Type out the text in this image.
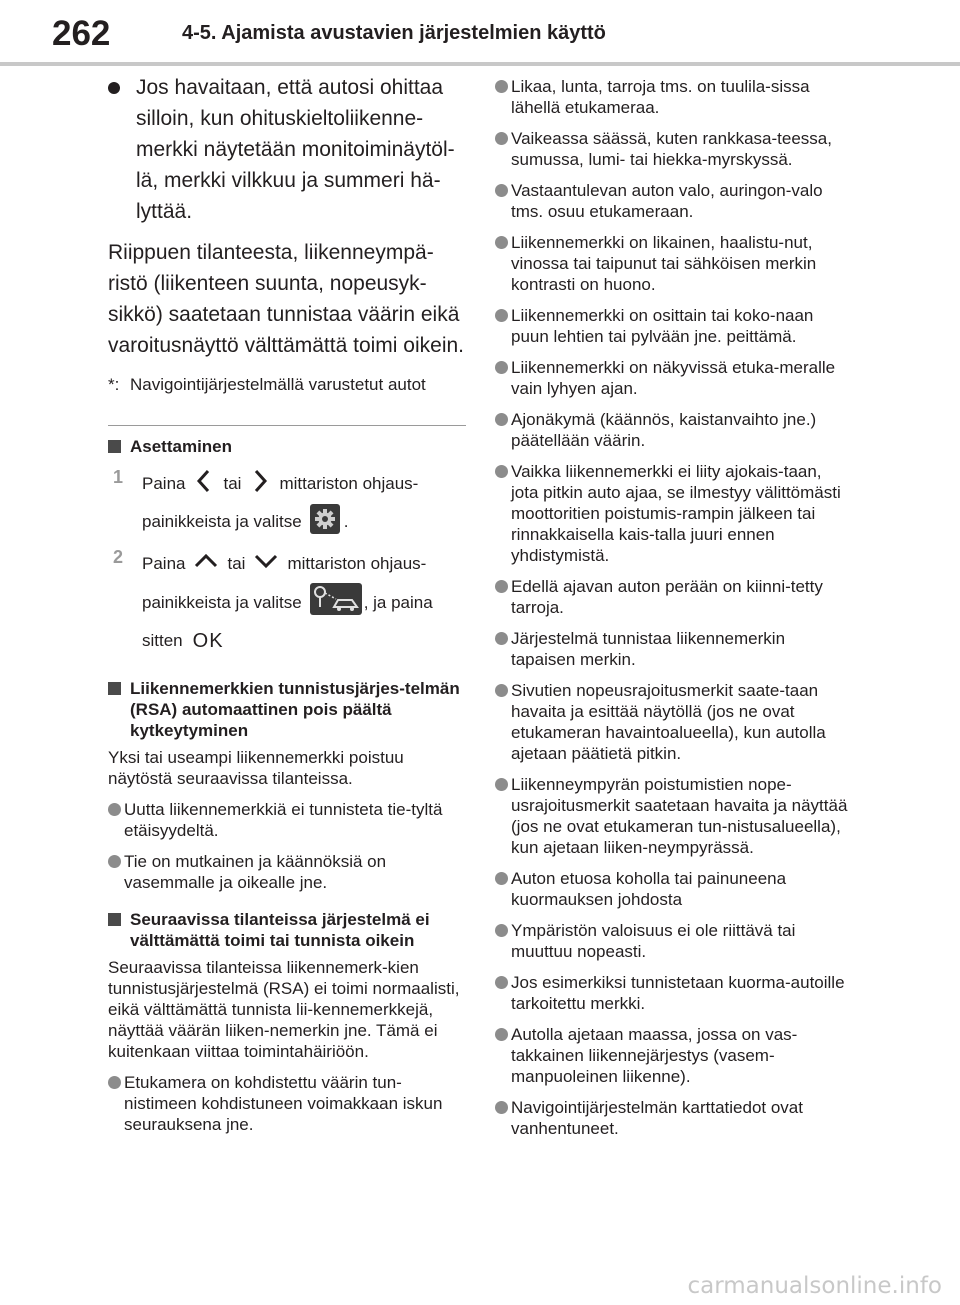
262	4-5. Ajamista avustavien järjestelmien käyttö
Jos havaitaan, että autosi ohittaa silloin, kun ohituskieltoliikenne-merkki näytetään monitoiminäytöl-lä, merkki vilkkuu ja summeri hä-lyttää.
Riippuen tilanteesta, liikenneympä-ristö (liikenteen suunta, nopeusyk-sikkö) saatetaan tunnistaa väärin eikä varoitusnäyttö välttämättä toimi oikein.
*: Navigointijärjestelmällä varustetut autot
Asettaminen
1 Paina tai mittariston ohjaus-
painikkeista ja valitse .
2 Paina tai mittariston ohjaus-
painikkeista ja valitse	, ja paina
sitten OK
Liikennemerkkien tunnistusjärjes-telmän (RSA) automaattinen pois päältä kytkeytyminen
Yksi tai useampi liikennemerkki poistuu näytöstä seuraavissa tilanteissa.
Uutta liikennemerkkiä ei tunnisteta tie-tyltä etäisyydeltä.
Tie on mutkainen ja käännöksiä on vasemmalle ja oikealle jne.
Seuraavissa tilanteissa järjestelmä ei välttämättä toimi tai tunnista oikein
Seuraavissa tilanteissa liikennemerk-kien tunnistusjärjestelmä (RSA) ei toimi normaalisti, eikä välttämättä tunnista lii-kennemerkkejä, näyttää väärän liiken-nemerkin jne. Tämä ei kuitenkaan viittaa toimintahäiriöön.
Etukamera on kohdistettu väärin tun-nistimeen kohdistuneen voimakkaan iskun seurauksena jne.
Likaa, lunta, tarroja tms. on tuulila-sissa lähellä etukameraa.
Vaikeassa säässä, kuten rankkasa-teessa, sumussa, lumi- tai hiekka-myrskyssä.
Vastaantulevan auton valo, auringon-valo tms. osuu etukameraan.
Liikennemerkki on likainen, haalistu-nut, vinossa tai taipunut tai sähköisen merkin kontrasti on huono.
Liikennemerkki on osittain tai koko-naan puun lehtien tai pylvään jne. peittämä.
Liikennemerkki on näkyvissä etuka-meralle vain lyhyen ajan.
Ajonäkymä (käännös, kaistanvaihto jne.) päätellään väärin.
Vaikka liikennemerkki ei liity ajokais-taan, jota pitkin auto ajaa, se ilmestyy välittömästi moottoritien poistumis-rampin jälkeen tai rinnakkaisella kais-talla juuri ennen yhdistymistä.
Edellä ajavan auton perään on kiinni-tetty tarroja.
Järjestelmä tunnistaa liikennemerkin tapaisen merkin.
Sivutien nopeusrajoitusmerkit saate-taan havaita ja esittää näytöllä (jos ne ovat etukameran havaintoalueella), kun autolla ajetaan päätietä pitkin.
Liikenneympyrän poistumistien nope-usrajoitusmerkit saatetaan havaita ja näyttää (jos ne ovat etukameran tun-nistusalueella), kun ajetaan liiken-neympyrässä.
Auton etuosa koholla tai painuneena kuormauksen johdosta
Ympäristön valoisuus ei ole riittävä tai muuttuu nopeasti.
Jos esimerkiksi tunnistetaan kuorma-autoille tarkoitettu merkki.
Autolla ajetaan maassa, jossa on vas-takkainen liikennejärjestys (vasem-manpuoleinen liikenne).
Navigointijärjestelmän karttatiedot ovat vanhentuneet.
carmanualsonline.info
